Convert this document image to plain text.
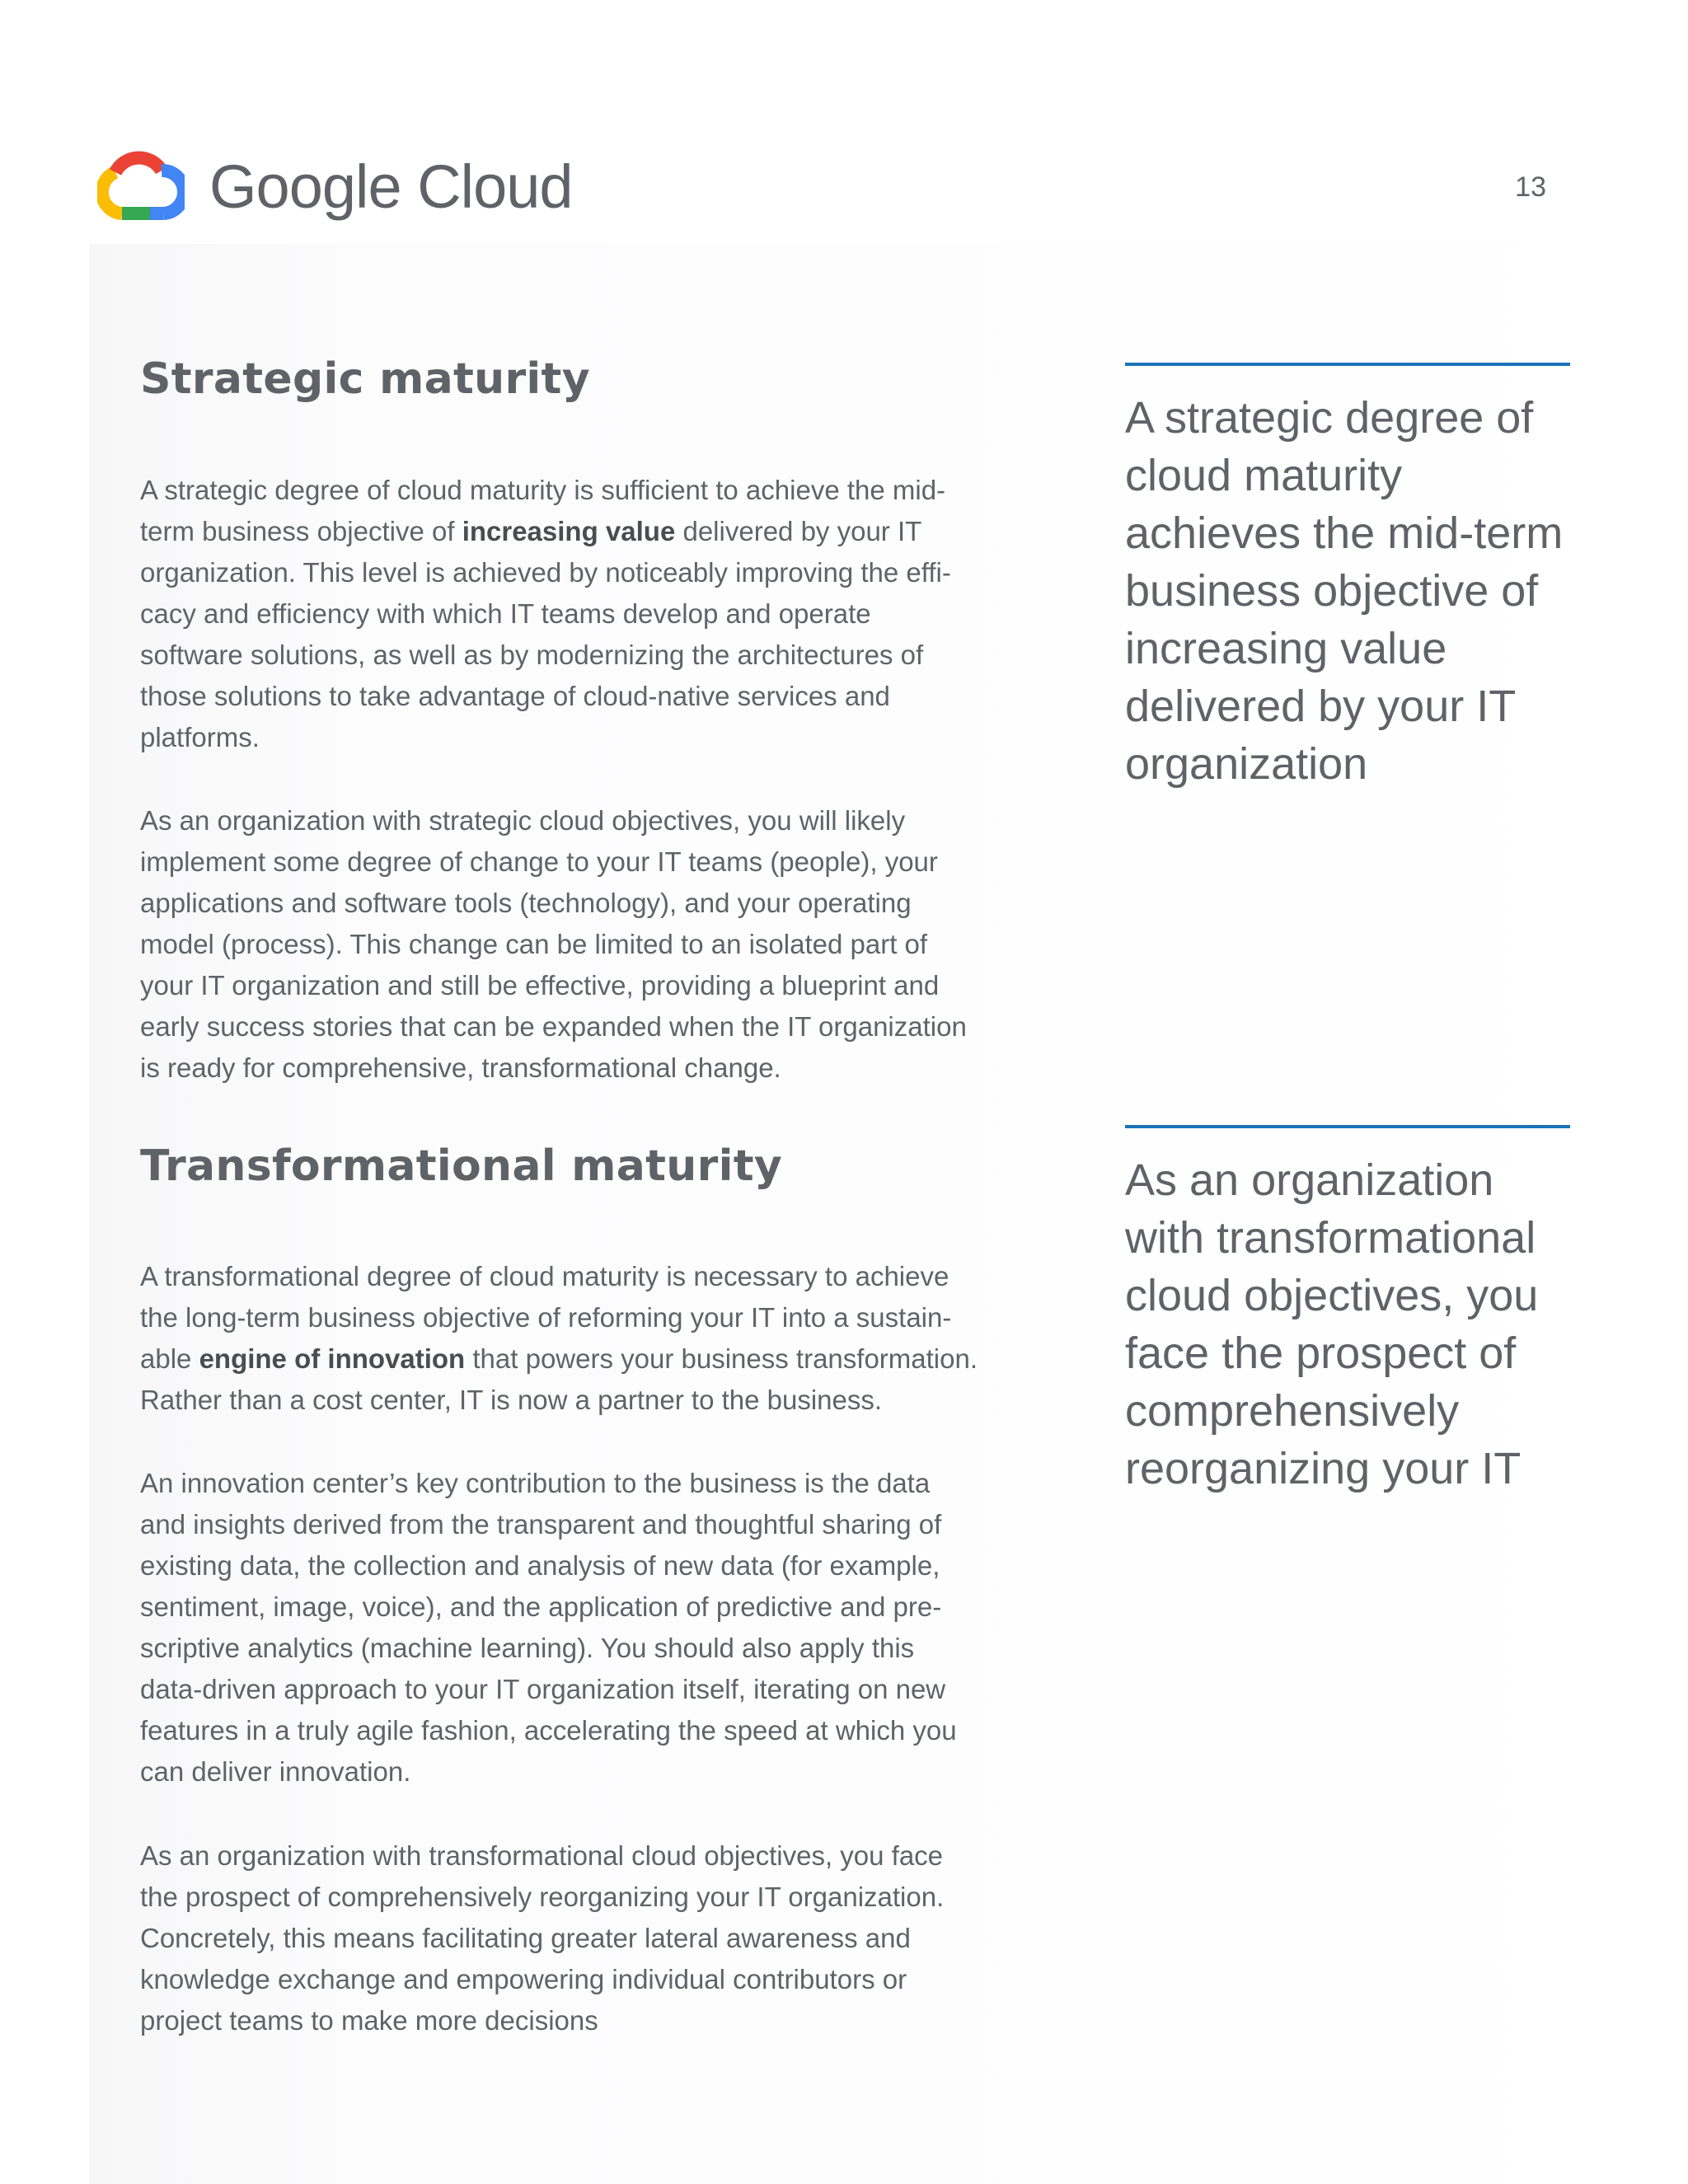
Google Cloud	13
Strategic maturity

A strategic degree of cloud maturity is sufficient to achieve the mid-term business objective of increasing value delivered by your IT organization. This level is achieved by noticeably improving the effi-cacy and efficiency with which IT teams develop and operate software solutions, as well as by modernizing the architectures of those solutions to take advantage of cloud-native services and platforms.

As an organization with strategic cloud objectives, you will likely implement some degree of change to your IT teams (people), your applications and software tools (technology), and your operating model (process). This change can be limited to an isolated part of your IT organization and still be effective, providing a blueprint and early success stories that can be expanded when the IT organization is ready for comprehensive, transformational change.

Transformational maturity

A transformational degree of cloud maturity is necessary to achieve the long-term business objective of reforming your IT into a sustain-able engine of innovation that powers your business transformation. Rather than a cost center, IT is now a partner to the business.

An innovation center’s key contribution to the business is the data and insights derived from the transparent and thoughtful sharing of existing data, the collection and analysis of new data (for example, sentiment, image, voice), and the application of predictive and pre-scriptive analytics (machine learning). You should also apply this data-driven approach to your IT organization itself, iterating on new features in a truly agile fashion, accelerating the speed at which you can deliver innovation.

As an organization with transformational cloud objectives, you face the prospect of comprehensively reorganizing your IT organization. Concretely, this means facilitating greater lateral awareness and knowledge exchange and empowering individual contributors or project teams to make more decisions

A strategic degree of cloud maturity achieves the mid-term business objective of increasing value delivered by your IT organization

As an organization with transformational cloud objectives, you face the prospect of comprehensively reorganizing your IT
